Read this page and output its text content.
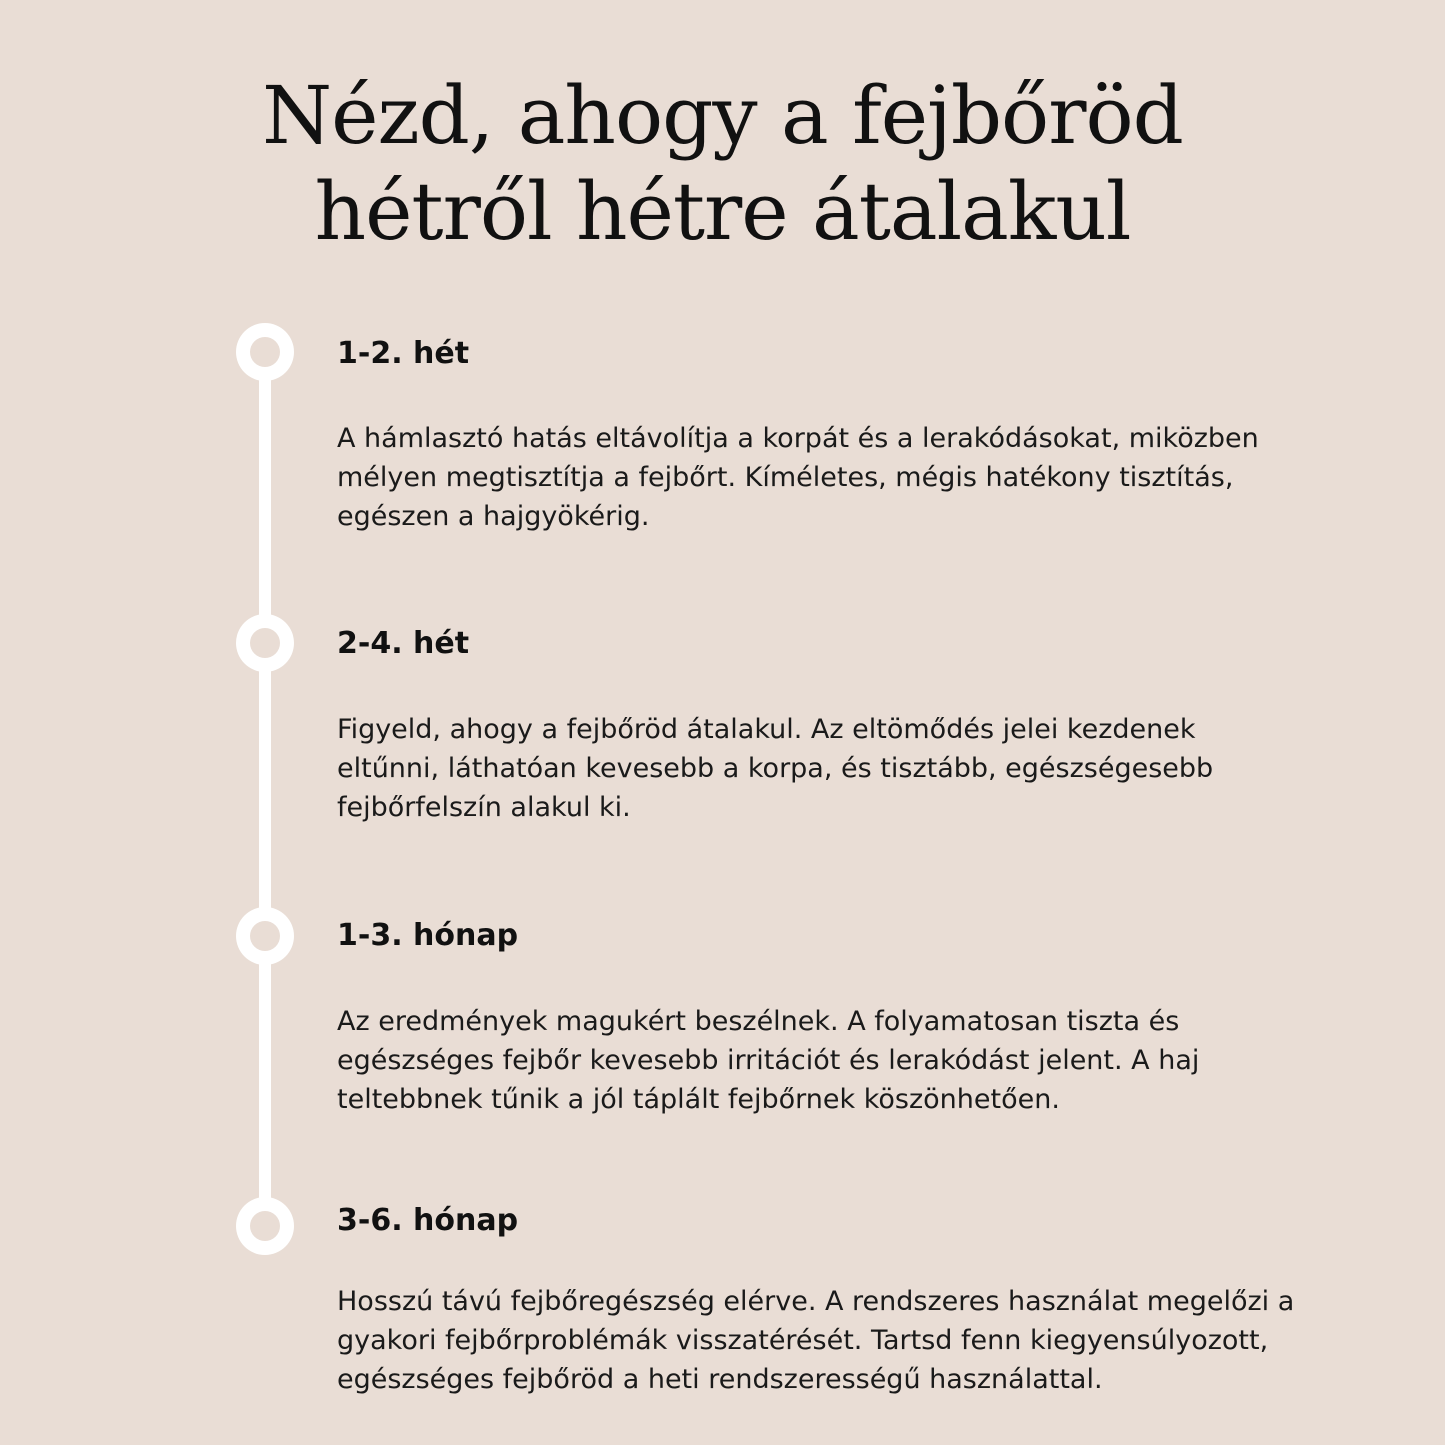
Nézd, ahogy a fejbőröd
hétről hétre átalakul
1-2. hét
A hámlasztó hatás eltávolítja a korpát és a lerakódásokat, miközben
mélyen megtisztítja a fejbőrt. Kíméletes, mégis hatékony tisztítás,
egészen a hajgyökérig.
2-4. hét
Figyeld, ahogy a fejbőröd átalakul. Az eltömődés jelei kezdenek
eltűnni, láthatóan kevesebb a korpa, és tisztább, egészségesebb
fejbőrfelszín alakul ki.
1-3. hónap
Az eredmények magukért beszélnek. A folyamatosan tiszta és
egészséges fejbőr kevesebb irritációt és lerakódást jelent. A haj
teltebbnek tűnik a jól táplált fejbőrnek köszönhetően.
3-6. hónap
Hosszú távú fejbőregészség elérve. A rendszeres használat megelőzi a
gyakori fejbőrproblémák visszatérését. Tartsd fenn kiegyensúlyozott,
egészséges fejbőröd a heti rendszerességű használattal.
